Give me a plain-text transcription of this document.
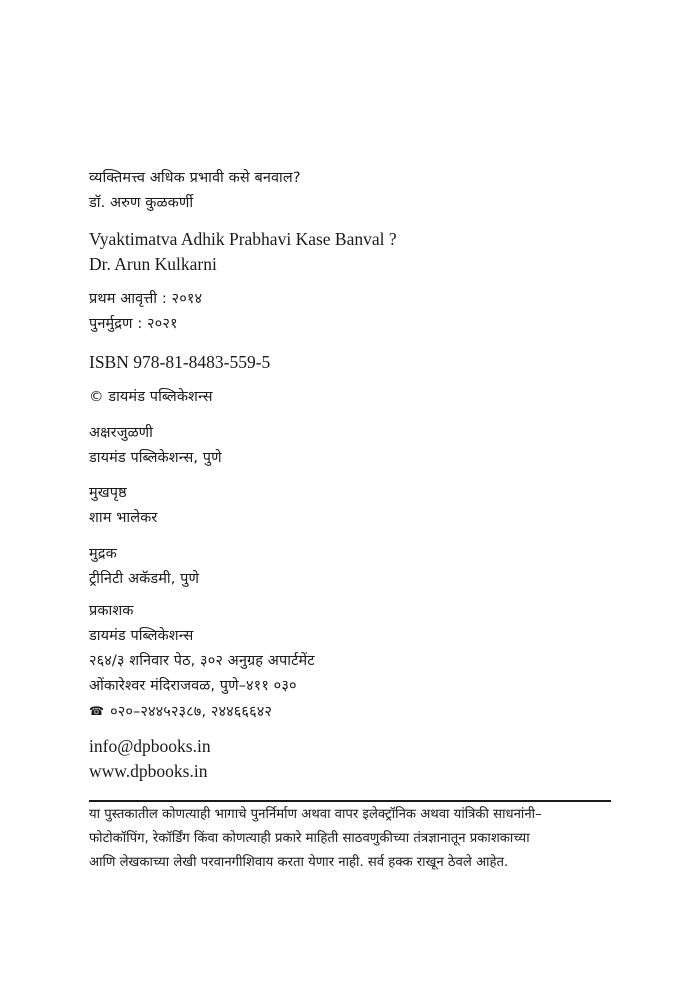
व्यक्तिमत्त्व अधिक प्रभावी कसे बनवाल?
डॉ. अरुण कुळकर्णी
Vyaktimatva Adhik Prabhavi Kase Banval ?
Dr. Arun Kulkarni
प्रथम आवृत्ती : २०१४
पुनर्मुद्रण : २०२१
ISBN 978-81-8483-559-5
© डायमंड पब्लिकेशन्स
अक्षरजुळणी
डायमंड पब्लिकेशन्स, पुणे
मुखपृष्ठ
शाम भालेकर
मुद्रक
ट्रीनिटी अकॅडमी, पुणे
प्रकाशक
डायमंड पब्लिकेशन्स
२६४/३ शनिवार पेठ, ३०२ अनुग्रह अपार्टमेंट
ओंकारेश्वर मंदिराजवळ, पुणे–४११ ०३०
☎ ०२०–२४४५२३८७, २४४६६६४२
info@dpbooks.in
www.dpbooks.in
या पुस्तकातील कोणत्याही भागाचे पुनर्निर्माण अथवा वापर इलेक्ट्रॉनिक अथवा यांत्रिकी साधनांनी–
फोटोकॉपिंग, रेकॉर्डिंग किंवा कोणत्याही प्रकारे माहिती साठवणुकीच्या तंत्रज्ञानातून प्रकाशकाच्या
आणि लेखकाच्या लेखी परवानगीशिवाय करता येणार नाही. सर्व हक्क राखून ठेवले आहेत.
